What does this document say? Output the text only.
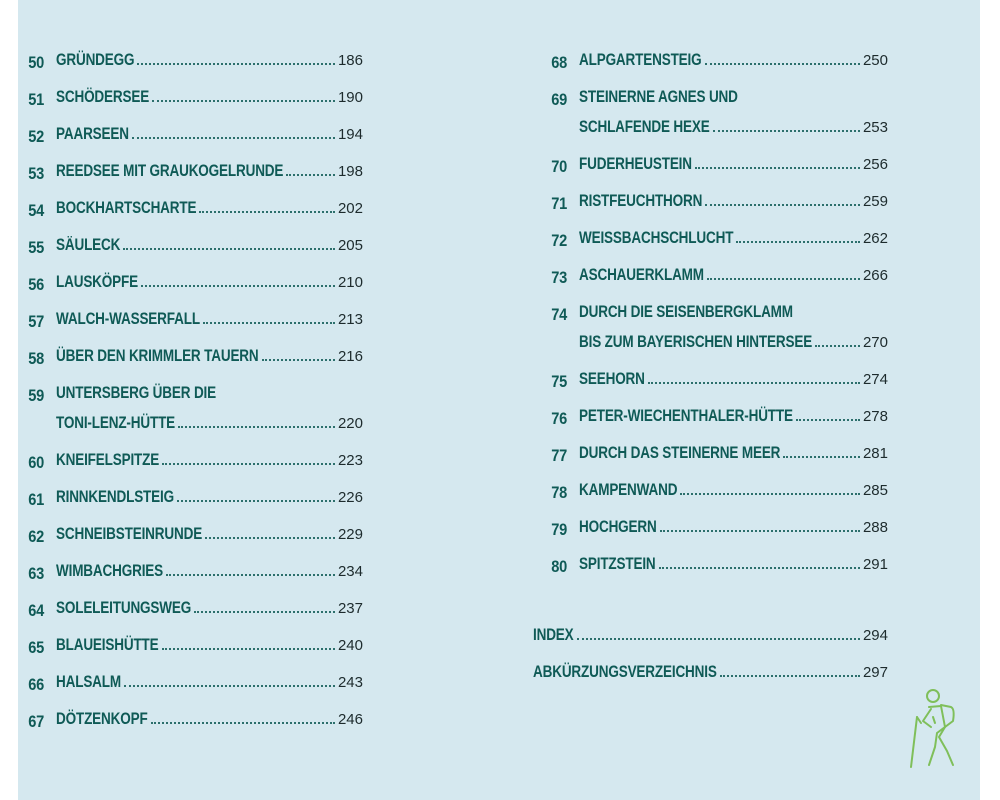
50 GRÜNDEGG	186
51 SCHÖDERSEE	190
52 PAARSEEN	194
53 REEDSEE MIT GRAUKOGELRUNDE	198
54 BOCKHARTSCHARTE	202
55 SÄULECK	205
56 LAUSKÖPFE	210
57 WALCH-WASSERFALL	213
58 ÜBER DEN KRIMMLER TAUERN	216
59 UNTERSBERG ÜBER DIE
TONI-LENZ-HÜTTE	220
60 KNEIFELSPITZE	223
61 RINNKENDLSTEIG	226
62 SCHNEIBSTEINRUNDE	229
63 WIMBACHGRIES	234
64 SOLELEITUNGSWEG	237
65 BLAUEISHÜTTE	240
66 HALSALM	243
67 DÖTZENKOPF	246
68 ALPGARTENSTEIG	250
69 STEINERNE AGNES UND
SCHLAFENDE HEXE	253
70 FUDERHEUSTEIN	256
71 RISTFEUCHTHORN	259
72 WEISSBACHSCHLUCHT	262
73 ASCHAUERKLAMM	266
74 DURCH DIE SEISENBERGKLAMM
BIS ZUM BAYERISCHEN HINTERSEE	270
75 SEEHORN	274
76 PETER-WIECHENTHALER-HÜTTE	278
77 DURCH DAS STEINERNE MEER	281
78 KAMPENWAND	285
79 HOCHGERN	288
80 SPITZSTEIN	291
INDEX	294
ABKÜRZUNGSVERZEICHNIS	297
